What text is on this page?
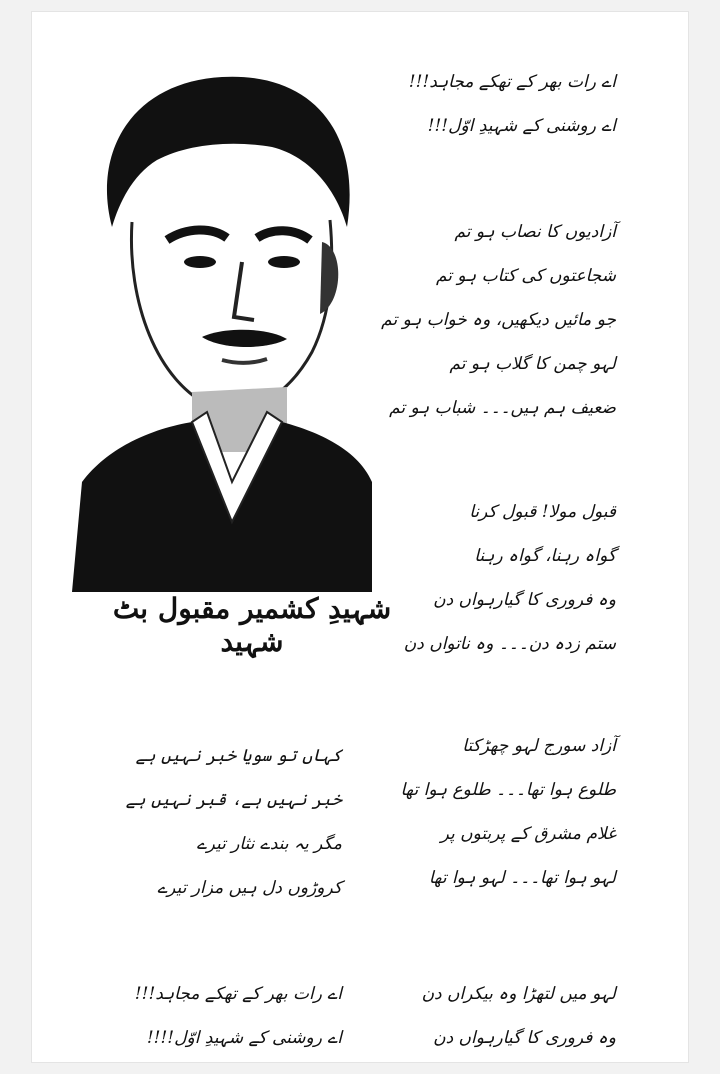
شہیدِ کشمیر مقبول بٹ شہید
اے رات بھر کے تھکے مجاہد!!!
اے روشنی کے شہیدِ اوّل!!!
آزادیوں کا نصاب ہو تم
شجاعتوں کی کتاب ہو تم
جو مائیں دیکھیں، وہ خواب ہو تم
لہو چمن کا گلاب ہو تم
ضعیف ہم ہیں۔۔۔ شباب ہو تم
قبول مولا! قبول کرنا
گواہ رہنا، گواہ رہنا
وہ فروری کا گیارہواں دن
ستم زدہ دن۔۔۔ وہ ناتواں دن
آزاد سورج لہو چھڑکتا
طلوع ہوا تھا۔۔۔ طلوع ہوا تھا
غلام مشرق کے پربتوں پر
لہو ہوا تھا۔۔۔ لہو ہوا تھا
لہو میں لتھڑا وہ بیکراں دن
وہ فروری کا گیارہواں دن
کہاں تو سویا خبر نہیں ہے
خبر نہیں ہے، قبر نہیں ہے
مگر یہ بندے نثار تیرے
کروڑوں دل ہیں مزار تیرے
اے رات بھر کے تھکے مجاہد!!!
اے روشنی کے شہیدِ اوّل!!!!
